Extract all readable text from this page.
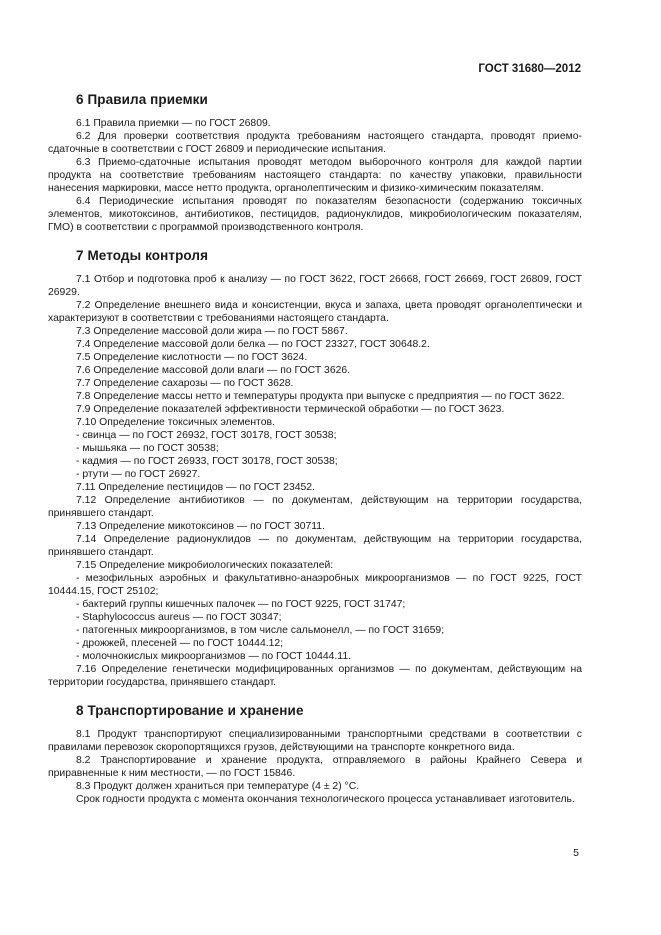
ГОСТ 31680—2012
6 Правила приемки

6.1 Правила приемки — по ГОСТ 26809.

6.2 Для проверки соответствия продукта требованиям настоящего стандарта, проводят приемо-сдаточные в соответствии с ГОСТ 26809 и периодические испытания.

6.3 Приемо-сдаточные испытания проводят методом выборочного контроля для каждой партии продукта на соответствие требованиям настоящего стандарта: по качеству упаковки, правильности нанесения маркировки, массе нетто продукта, органолептическим и физико-химическим показателям.

6.4 Периодические испытания проводят по показателям безопасности (содержанию токсичных элементов, микотоксинов, антибиотиков, пестицидов, радионуклидов, микробиологическим показателям, ГМО) в соответствии с программой производственного контроля.

7 Методы контроля

7.1 Отбор и подготовка проб к анализу — по ГОСТ 3622, ГОСТ 26668, ГОСТ 26669, ГОСТ 26809, ГОСТ 26929.

7.2 Определение внешнего вида и консистенции, вкуса и запаха, цвета проводят органолептически и характеризуют в соответствии с требованиями настоящего стандарта.

7.3 Определение массовой доли жира — по ГОСТ 5867.

7.4 Определение массовой доли белка — по ГОСТ 23327, ГОСТ 30648.2.

7.5 Определение кислотности — по ГОСТ 3624.

7.6 Определение массовой доли влаги — по ГОСТ 3626.

7.7 Определение сахарозы — по ГОСТ 3628.

7.8 Определение массы нетто и температуры продукта при выпуске с предприятия — по ГОСТ 3622.

7.9 Определение показателей эффективности термической обработки — по ГОСТ 3623.

7.10 Определение токсичных элементов.

- свинца — по ГОСТ 26932, ГОСТ 30178, ГОСТ 30538;

- мышьяка — по ГОСТ 30538;

- кадмия — по ГОСТ 26933, ГОСТ 30178, ГОСТ 30538;

- ртути — по ГОСТ 26927.

7.11 Определение пестицидов — по ГОСТ 23452.

7.12 Определение антибиотиков — по документам, действующим на территории государства, принявшего стандарт.

7.13 Определение микотоксинов — по ГОСТ 30711.

7.14 Определение радионуклидов — по документам, действующим на территории государства, принявшего стандарт.

7.15 Определение микробиологических показателей:

- мезофильных аэробных и факультативно-анаэробных микроорганизмов — по ГОСТ 9225, ГОСТ 10444.15, ГОСТ 25102;

- бактерий группы кишечных палочек — по ГОСТ 9225, ГОСТ 31747;

- Staphylococcus aureus — по ГОСТ 30347;

- патогенных микроорганизмов, в том числе сальмонелл, — по ГОСТ 31659;

- дрожжей, плесеней — по ГОСТ 10444.12;

- молочнокислых микроорганизмов — по ГОСТ 10444.11.

7.16 Определение генетически модифицированных организмов — по документам, действующим на территории государства, принявшего стандарт.

8 Транспортирование и хранение

8.1 Продукт транспортируют специализированными транспортными средствами в соответствии с правилами перевозок скоропортящихся грузов, действующими на транспорте конкретного вида.

8.2 Транспортирование и хранение продукта, отправляемого в районы Крайнего Севера и приравненные к ним местности, — по ГОСТ 15846.

8.3 Продукт должен храниться при температуре (4 ± 2) °С.

Срок годности продукта с момента окончания технологического процесса устанавливает изготовитель.

5
